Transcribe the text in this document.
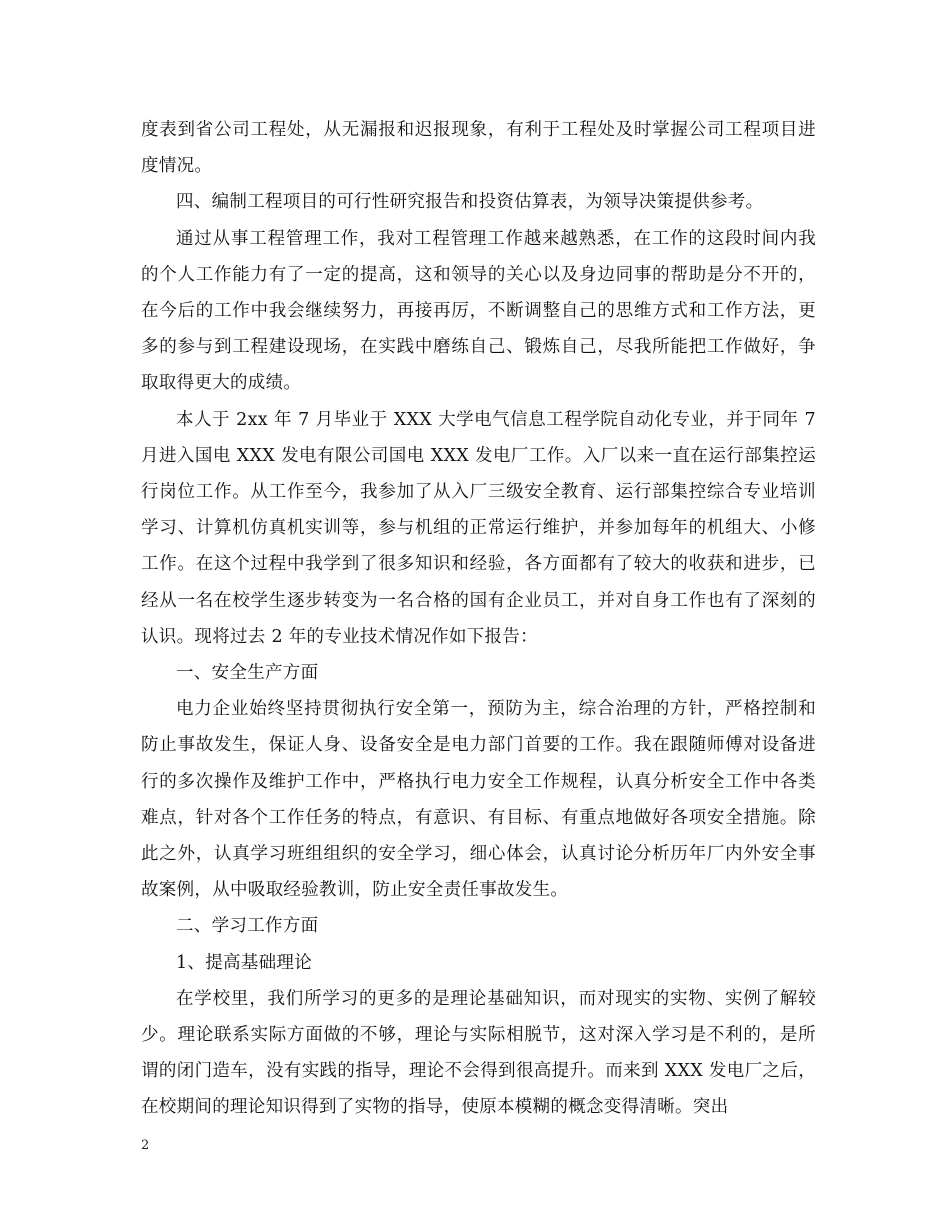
度表到省公司工程处，从无漏报和迟报现象，有利于工程处及时掌握公司工程项目进度情况。

四、编制工程项目的可行性研究报告和投资估算表，为领导决策提供参考。

通过从事工程管理工作，我对工程管理工作越来越熟悉，在工作的这段时间内我的个人工作能力有了一定的提高，这和领导的关心以及身边同事的帮助是分不开的，在今后的工作中我会继续努力，再接再厉，不断调整自己的思维方式和工作方法，更多的参与到工程建设现场，在实践中磨练自己、锻炼自己，尽我所能把工作做好，争取取得更大的成绩。

本人于 2xx 年 7 月毕业于 XXX 大学电气信息工程学院自动化专业，并于同年 7 月进入国电 XXX 发电有限公司国电 XXX 发电厂工作。入厂以来一直在运行部集控运行岗位工作。从工作至今，我参加了从入厂三级安全教育、运行部集控综合专业培训学习、计算机仿真机实训等，参与机组的正常运行维护，并参加每年的机组大、小修工作。在这个过程中我学到了很多知识和经验，各方面都有了较大的收获和进步，已经从一名在校学生逐步转变为一名合格的国有企业员工，并对自身工作也有了深刻的认识。现将过去 2 年的专业技术情况作如下报告：

一、安全生产方面

电力企业始终坚持贯彻执行安全第一，预防为主，综合治理的方针，严格控制和防止事故发生，保证人身、设备安全是电力部门首要的工作。我在跟随师傅对设备进行的多次操作及维护工作中，严格执行电力安全工作规程，认真分析安全工作中各类难点，针对各个工作任务的特点，有意识、有目标、有重点地做好各项安全措施。除此之外，认真学习班组组织的安全学习，细心体会，认真讨论分析历年厂内外安全事故案例，从中吸取经验教训，防止安全责任事故发生。

二、学习工作方面

1、提高基础理论

在学校里，我们所学习的更多的是理论基础知识，而对现实的实物、实例了解较少。理论联系实际方面做的不够，理论与实际相脱节，这对深入学习是不利的，是所谓的闭门造车，没有实践的指导，理论不会得到很高提升。而来到 XXX 发电厂之后，在校期间的理论知识得到了实物的指导，使原本模糊的概念变得清晰。突出

2
